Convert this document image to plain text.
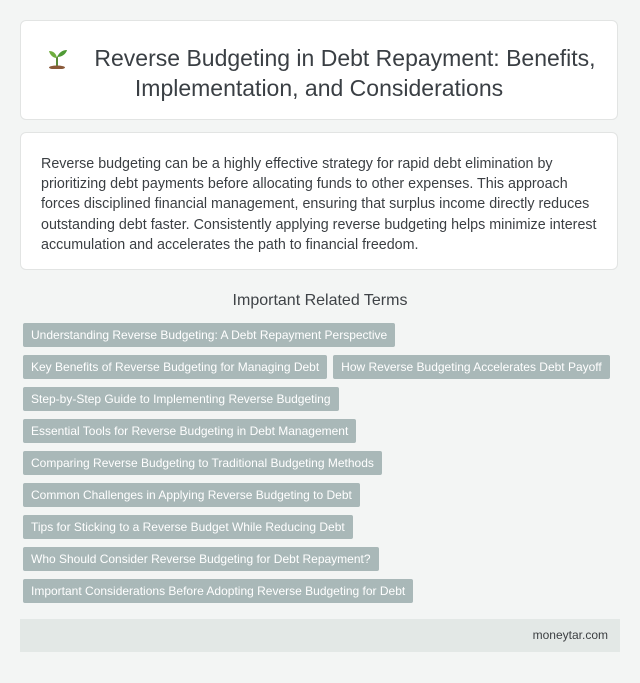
Reverse Budgeting in Debt Repayment: Benefits, Implementation, and Considerations

Reverse budgeting can be a highly effective strategy for rapid debt elimination by prioritizing debt payments before allocating funds to other expenses. This approach forces disciplined financial management, ensuring that surplus income directly reduces outstanding debt faster. Consistently applying reverse budgeting helps minimize interest accumulation and accelerates the path to financial freedom.

Important Related Terms
Understanding Reverse Budgeting: A Debt Repayment Perspective
Key Benefits of Reverse Budgeting for Managing Debt How Reverse Budgeting Accelerates Debt Payoff
Step-by-Step Guide to Implementing Reverse Budgeting
Essential Tools for Reverse Budgeting in Debt Management
Comparing Reverse Budgeting to Traditional Budgeting Methods
Common Challenges in Applying Reverse Budgeting to Debt
Tips for Sticking to a Reverse Budget While Reducing Debt
Who Should Consider Reverse Budgeting for Debt Repayment?
Important Considerations Before Adopting Reverse Budgeting for Debt
moneytar.com
